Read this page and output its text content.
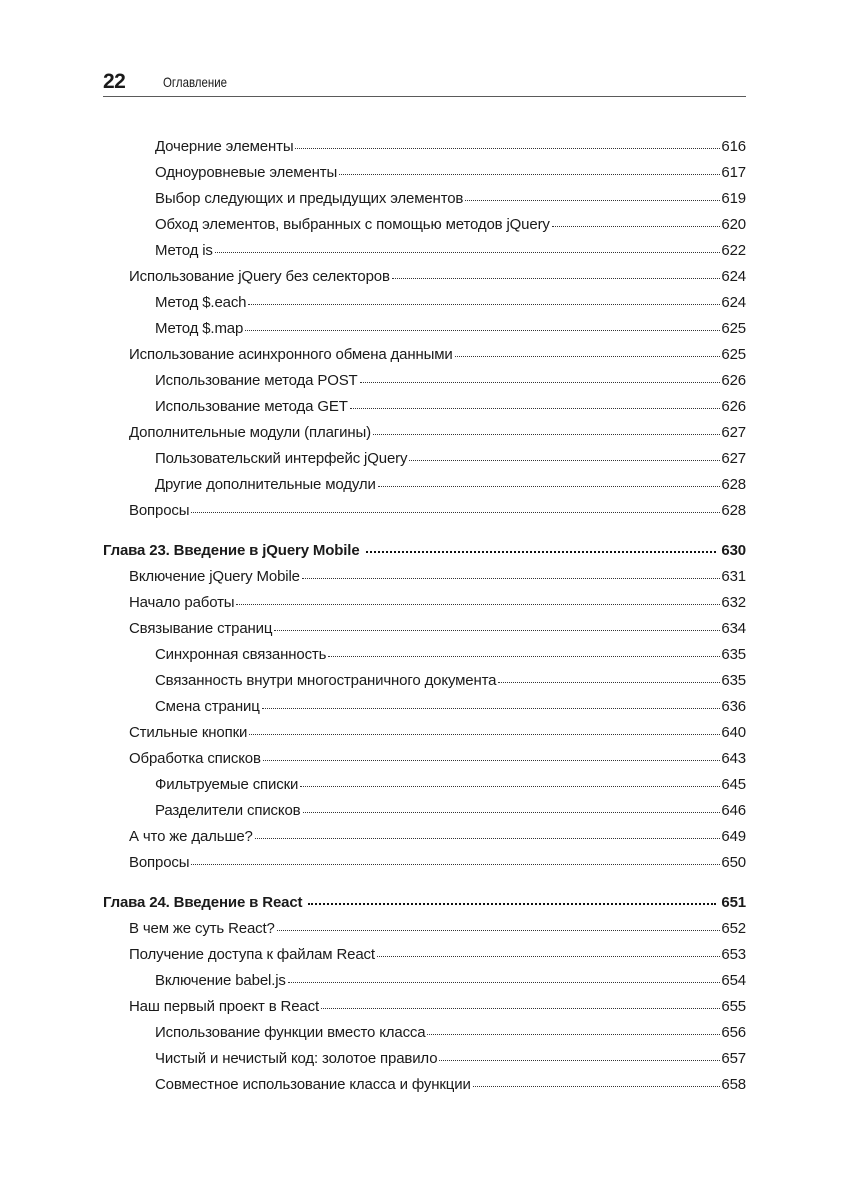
22	Оглавление
Дочерние элементы	616
Одноуровневые элементы	617
Выбор следующих и предыдущих элементов	619
Обход элементов, выбранных с помощью методов jQuery	620
Метод is	622
Использование jQuery без селекторов	624
Метод $.each	624
Метод $.map	625
Использование асинхронного обмена данными	625
Использование метода POST	626
Использование метода GET	626
Дополнительные модули (плагины)	627
Пользовательский интерфейс jQuery	627
Другие дополнительные модули	628
Вопросы	628
Глава 23. Введение в jQuery Mobile	630
Включение jQuery Mobile	631
Начало работы	632
Связывание страниц	634
Синхронная связанность	635
Связанность внутри многостраничного документа	635
Смена страниц	636
Стильные кнопки	640
Обработка списков	643
Фильтруемые списки	645
Разделители списков	646
А что же дальше?	649
Вопросы	650
Глава 24. Введение в React	651
В чем же суть React?	652
Получение доступа к файлам React	653
Включение babel.js	654
Наш первый проект в React	655
Использование функции вместо класса	656
Чистый и нечистый код: золотое правило	657
Совместное использование класса и функции	658
